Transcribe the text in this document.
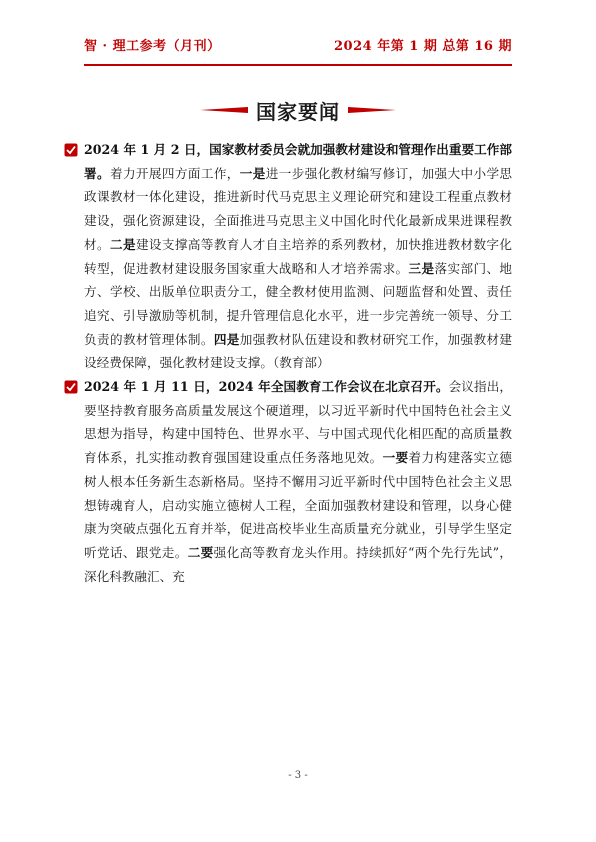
智 · 理工参考（月刊）	2024 年第 1 期 总第 16 期
国家要闻

2024 年 1 月 2 日，国家教材委员会就加强教材建设和管理作出重要工作部署。着力开展四方面工作，一是进一步强化教材编写修订，加强大中小学思政课教材一体化建设，推进新时代马克思主义理论研究和建设工程重点教材建设，强化资源建设，全面推进马克思主义中国化时代化最新成果进课程教材。二是建设支撑高等教育人才自主培养的系列教材，加快推进教材数字化转型，促进教材建设服务国家重大战略和人才培养需求。三是落实部门、地方、学校、出版单位职责分工，健全教材使用监测、问题监督和处置、责任追究、引导激励等机制，提升管理信息化水平，进一步完善统一领导、分工负责的教材管理体制。四是加强教材队伍建设和教材研究工作，加强教材建设经费保障，强化教材建设支撑。（教育部）

2024 年 1 月 11 日，2024 年全国教育工作会议在北京召开。会议指出，要坚持教育服务高质量发展这个硬道理，以习近平新时代中国特色社会主义思想为指导，构建中国特色、世界水平、与中国式现代化相匹配的高质量教育体系，扎实推动教育强国建设重点任务落地见效。一要着力构建落实立德树人根本任务新生态新格局。坚持不懈用习近平新时代中国特色社会主义思想铸魂育人，启动实施立德树人工程，全面加强教材建设和管理，以身心健康为突破点强化五育并举，促进高校毕业生高质量充分就业，引导学生坚定听党话、跟党走。二要强化高等教育龙头作用。持续抓好“两个先行先试”，深化科教融汇、充

- 3 -
